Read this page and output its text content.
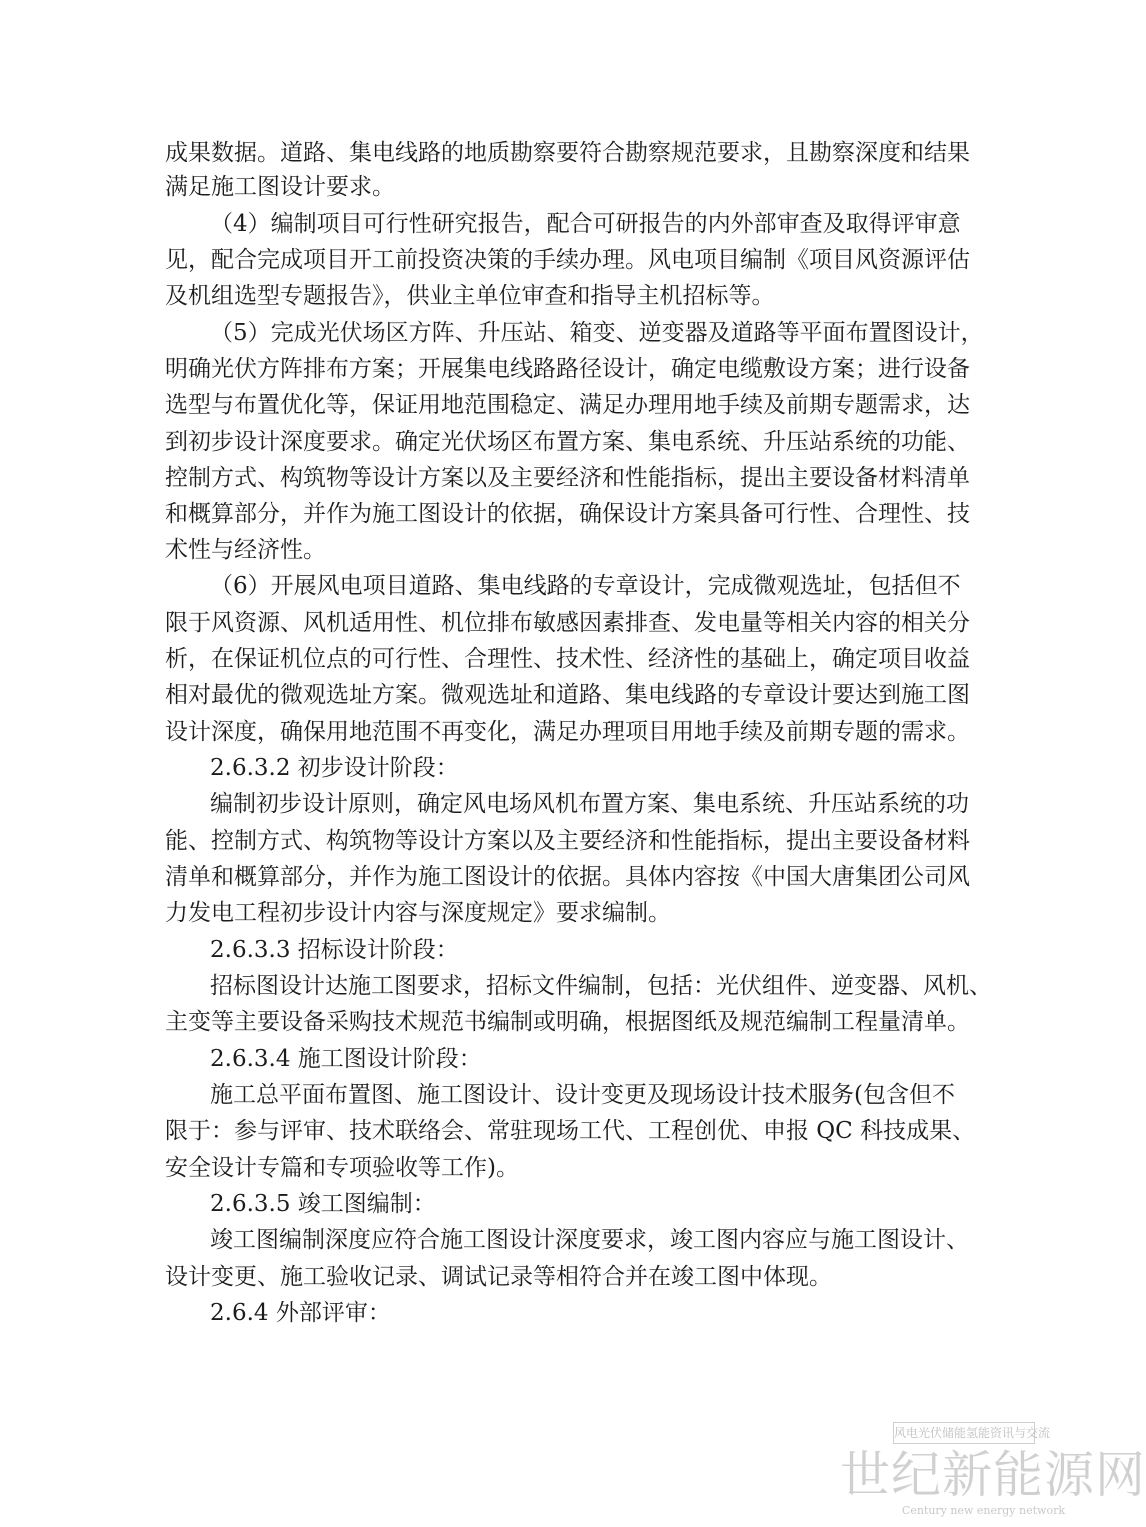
成果数据。道路、集电线路的地质勘察要符合勘察规范要求，且勘察深度和结果
满足施工图设计要求。
（4）编制项目可行性研究报告，配合可研报告的内外部审查及取得评审意
见，配合完成项目开工前投资决策的手续办理。风电项目编制《项目风资源评估
及机组选型专题报告》，供业主单位审查和指导主机招标等。
（5）完成光伏场区方阵、升压站、箱变、逆变器及道路等平面布置图设计，
明确光伏方阵排布方案；开展集电线路路径设计，确定电缆敷设方案；进行设备
选型与布置优化等，保证用地范围稳定、满足办理用地手续及前期专题需求，达
到初步设计深度要求。确定光伏场区布置方案、集电系统、升压站系统的功能、
控制方式、构筑物等设计方案以及主要经济和性能指标，提出主要设备材料清单
和概算部分，并作为施工图设计的依据，确保设计方案具备可行性、合理性、技
术性与经济性。
（6）开展风电项目道路、集电线路的专章设计，完成微观选址，包括但不
限于风资源、风机适用性、机位排布敏感因素排查、发电量等相关内容的相关分
析，在保证机位点的可行性、合理性、技术性、经济性的基础上，确定项目收益
相对最优的微观选址方案。微观选址和道路、集电线路的专章设计要达到施工图
设计深度，确保用地范围不再变化，满足办理项目用地手续及前期专题的需求。
2.6.3.2 初步设计阶段：
编制初步设计原则，确定风电场风机布置方案、集电系统、升压站系统的功
能、控制方式、构筑物等设计方案以及主要经济和性能指标，提出主要设备材料
清单和概算部分，并作为施工图设计的依据。具体内容按《中国大唐集团公司风
力发电工程初步设计内容与深度规定》要求编制。
2.6.3.3 招标设计阶段：
招标图设计达施工图要求，招标文件编制，包括：光伏组件、逆变器、风机、
主变等主要设备采购技术规范书编制或明确，根据图纸及规范编制工程量清单。
2.6.3.4 施工图设计阶段：
施工总平面布置图、施工图设计、设计变更及现场设计技术服务(包含但不
限于：参与评审、技术联络会、常驻现场工代、工程创优、申报 QC 科技成果、
安全设计专篇和专项验收等工作)。
2.6.3.5 竣工图编制：
竣工图编制深度应符合施工图设计深度要求，竣工图内容应与施工图设计、
设计变更、施工验收记录、调试记录等相符合并在竣工图中体现。
2.6.4 外部评审：
风电光伏储能氢能资讯与交流
世纪新能源网
Century new energy network
